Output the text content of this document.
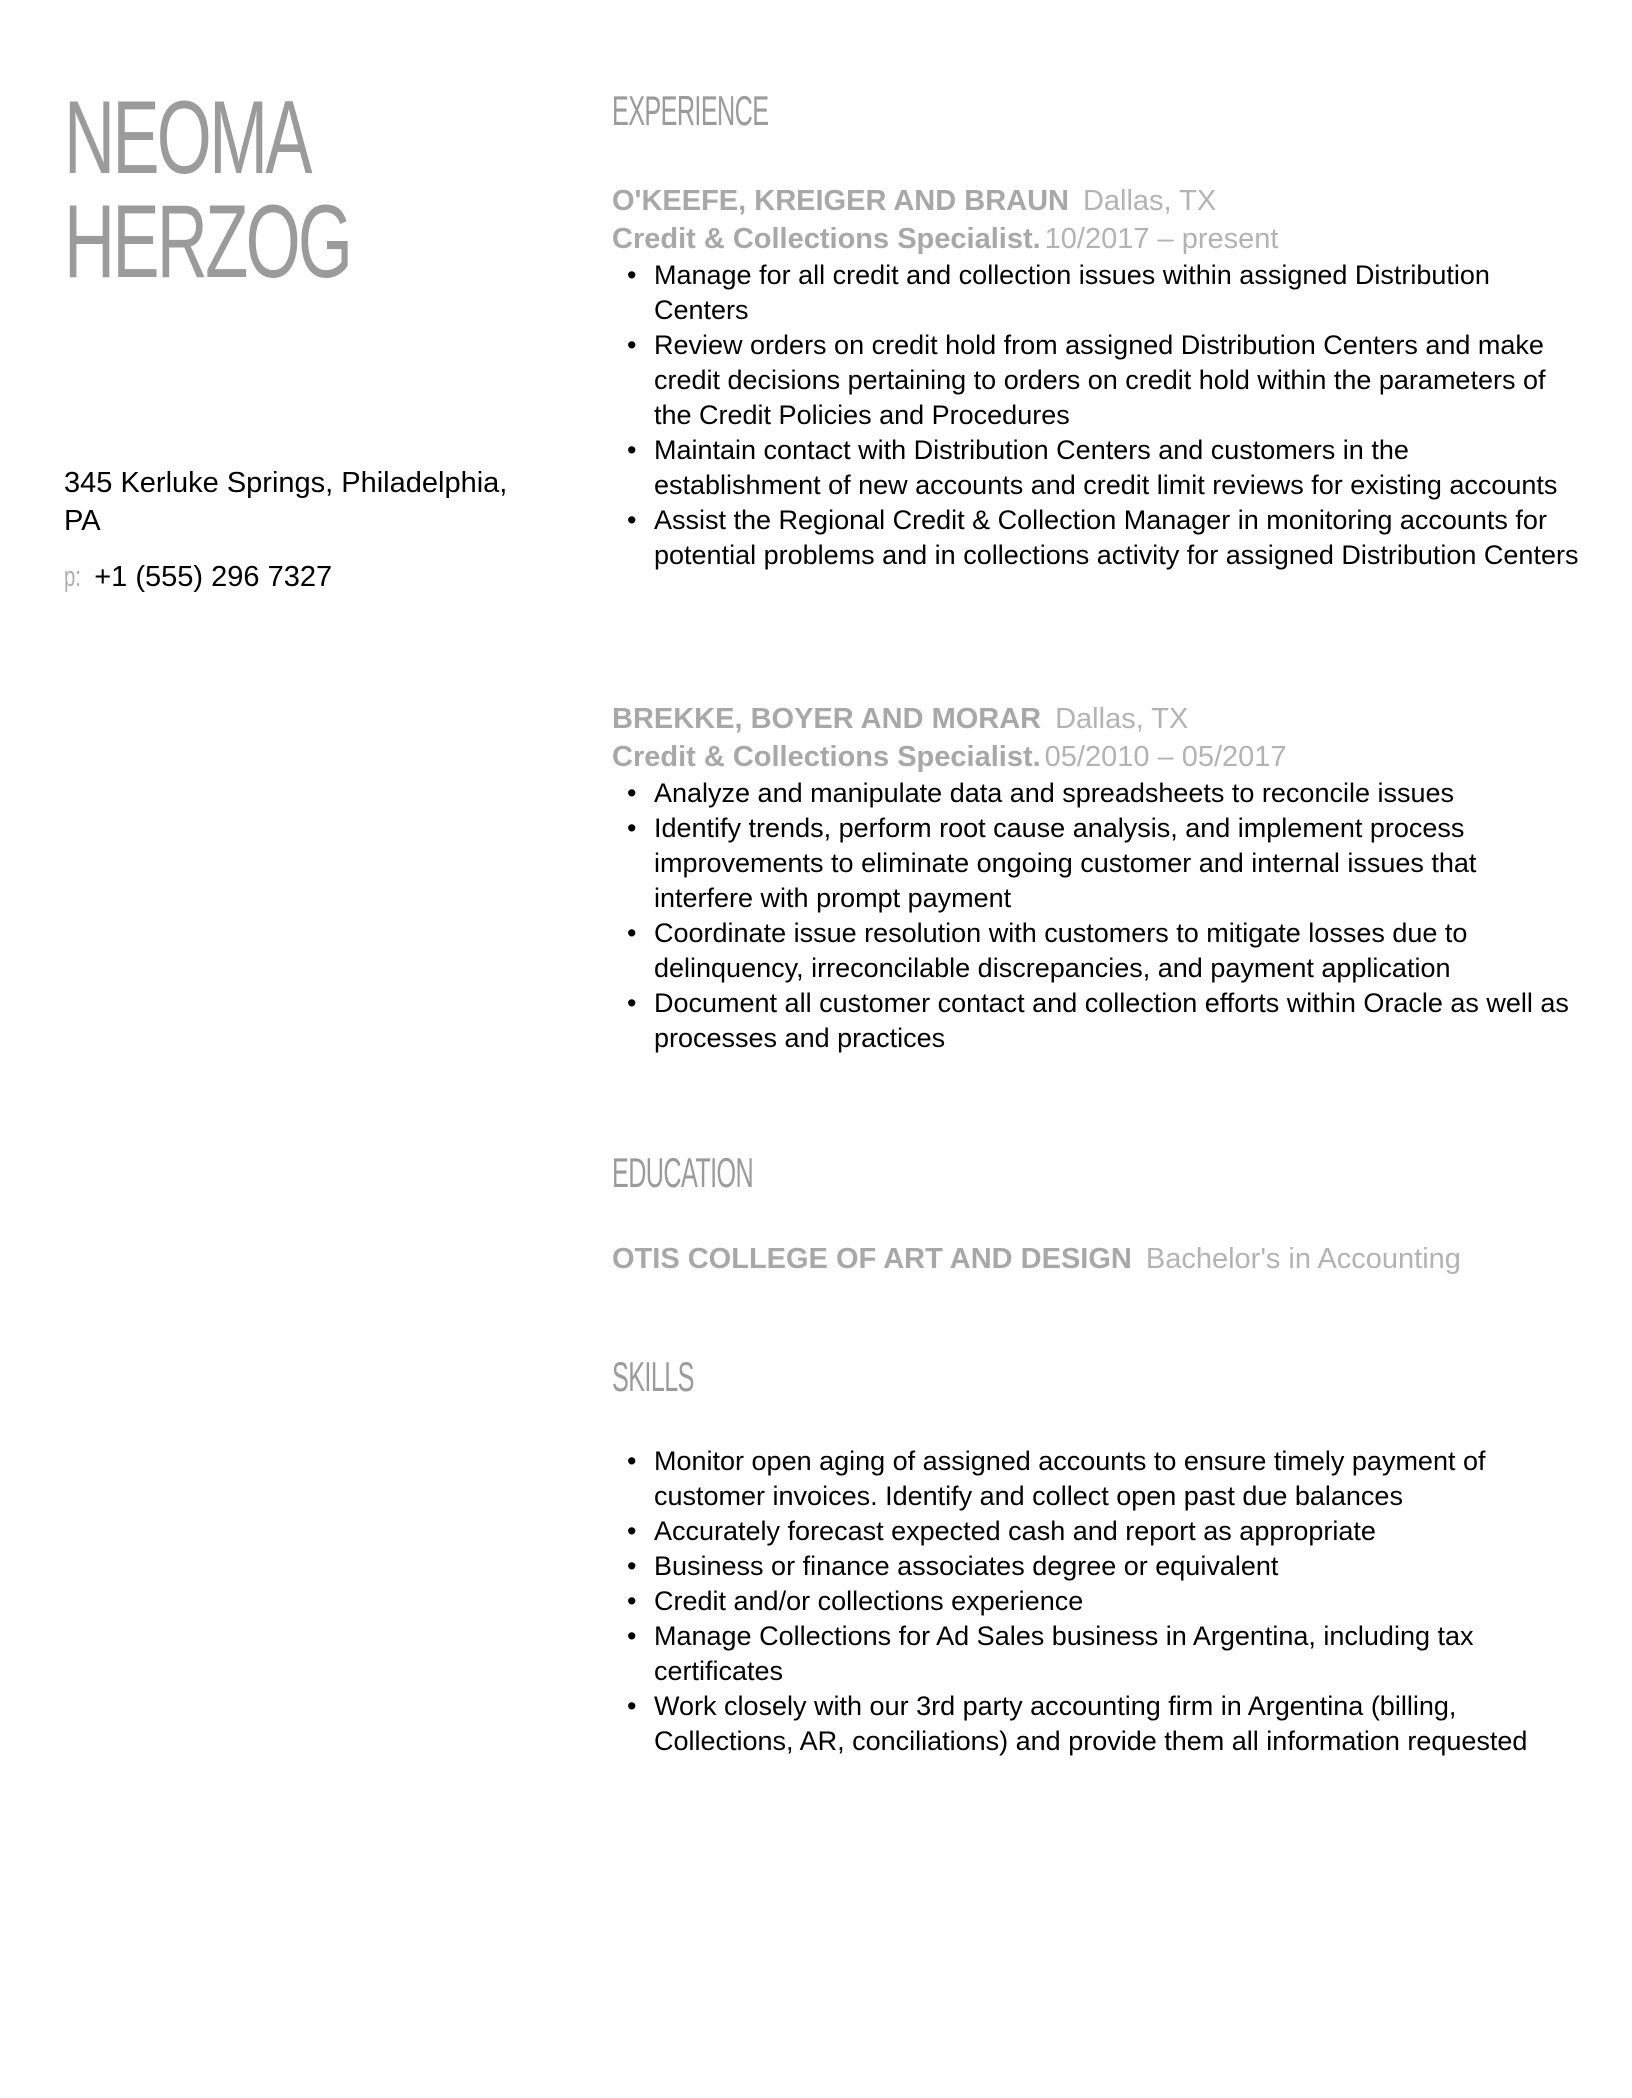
NEOMA
HERZOG
345 Kerluke Springs, Philadelphia, PA
p: +1 (555) 296 7327
EXPERIENCE
O'KEEFE, KREIGER AND BRAUN Dallas, TX
Credit & Collections Specialist. 10/2017 – present
• Manage for all credit and collection issues within assigned Distribution Centers
• Review orders on credit hold from assigned Distribution Centers and make credit decisions pertaining to orders on credit hold within the parameters of the Credit Policies and Procedures
• Maintain contact with Distribution Centers and customers in the establishment of new accounts and credit limit reviews for existing accounts
• Assist the Regional Credit & Collection Manager in monitoring accounts for potential problems and in collections activity for assigned Distribution Centers
BREKKE, BOYER AND MORAR Dallas, TX
Credit & Collections Specialist. 05/2010 – 05/2017
• Analyze and manipulate data and spreadsheets to reconcile issues
• Identify trends, perform root cause analysis, and implement process improvements to eliminate ongoing customer and internal issues that interfere with prompt payment
• Coordinate issue resolution with customers to mitigate losses due to delinquency, irreconcilable discrepancies, and payment application
• Document all customer contact and collection efforts within Oracle as well as processes and practices
EDUCATION
OTIS COLLEGE OF ART AND DESIGN Bachelor's in Accounting
SKILLS
• Monitor open aging of assigned accounts to ensure timely payment of customer invoices. Identify and collect open past due balances
• Accurately forecast expected cash and report as appropriate
• Business or finance associates degree or equivalent
• Credit and/or collections experience
• Manage Collections for Ad Sales business in Argentina, including tax certificates
• Work closely with our 3rd party accounting firm in Argentina (billing, Collections, AR, conciliations) and provide them all information requested
